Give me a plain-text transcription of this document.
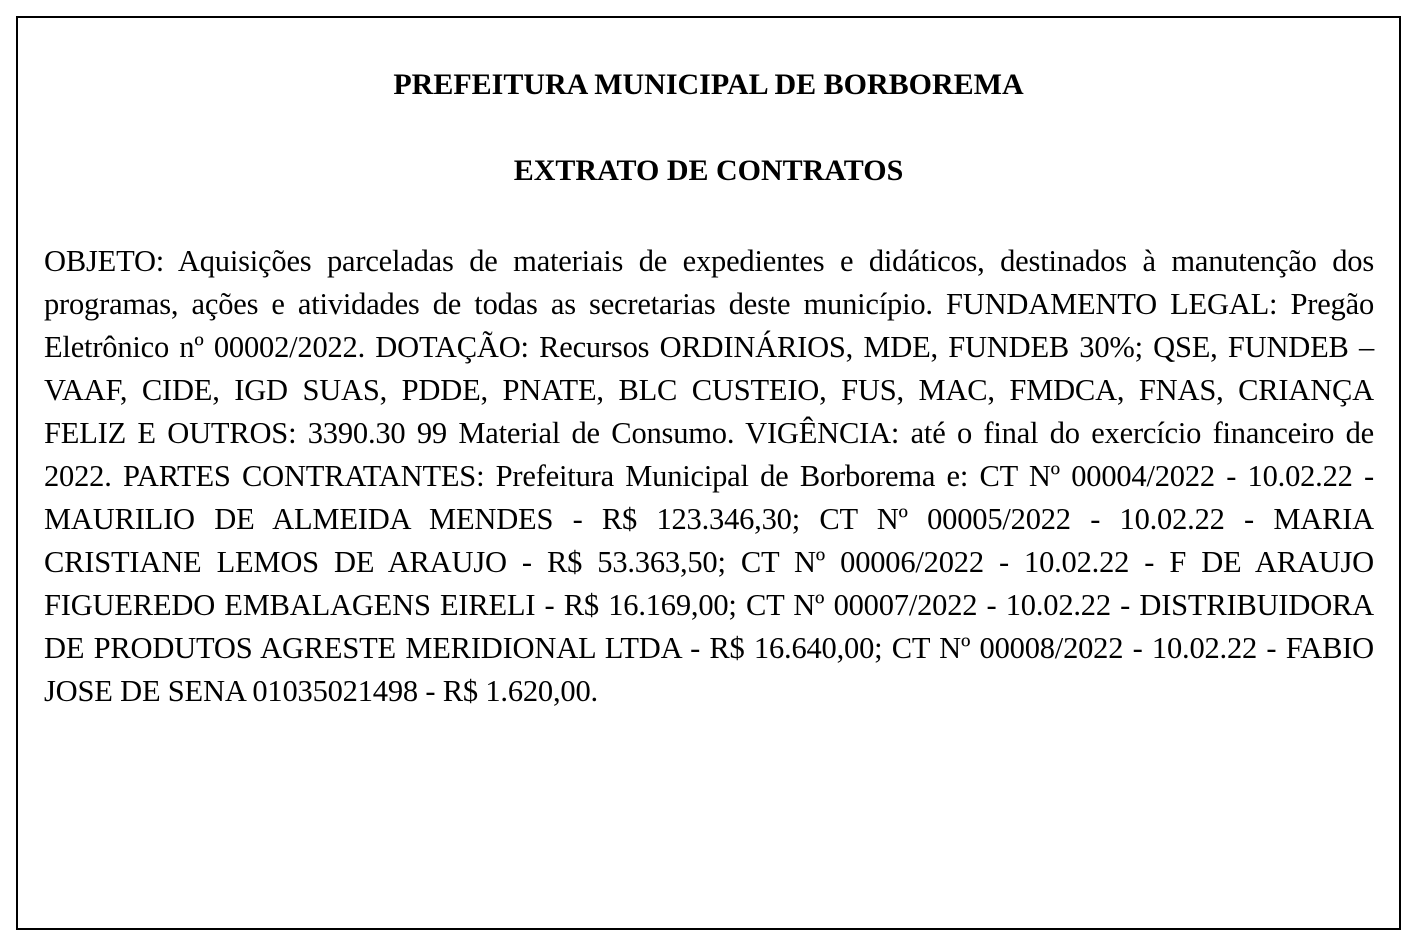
PREFEITURA MUNICIPAL DE BORBOREMA
EXTRATO DE CONTRATOS

OBJETO: Aquisições parceladas de materiais de expedientes e didáticos, destinados à manutenção dos programas, ações e atividades de todas as secretarias deste município. FUNDAMENTO LEGAL: Pregão Eletrônico nº 00002/2022. DOTAÇÃO: Recursos ORDINÁRIOS, MDE, FUNDEB 30%; QSE, FUNDEB – VAAF, CIDE, IGD SUAS, PDDE, PNATE, BLC CUSTEIO, FUS, MAC, FMDCA, FNAS, CRIANÇA FELIZ E OUTROS: 3390.30 99 Material de Consumo. VIGÊNCIA: até o final do exercício financeiro de 2022. PARTES CONTRATANTES: Prefeitura Municipal de Borborema e: CT Nº 00004/2022 - 10.02.22 - MAURILIO DE ALMEIDA MENDES - R$ 123.346,30; CT Nº 00005/2022 - 10.02.22 - MARIA CRISTIANE LEMOS DE ARAUJO - R$ 53.363,50; CT Nº 00006/2022 - 10.02.22 - F DE ARAUJO FIGUEREDO EMBALAGENS EIRELI - R$ 16.169,00; CT Nº 00007/2022 - 10.02.22 - DISTRIBUIDORA DE PRODUTOS AGRESTE MERIDIONAL LTDA - R$ 16.640,00; CT Nº 00008/2022 - 10.02.22 - FABIO JOSE DE SENA 01035021498 - R$ 1.620,00.
